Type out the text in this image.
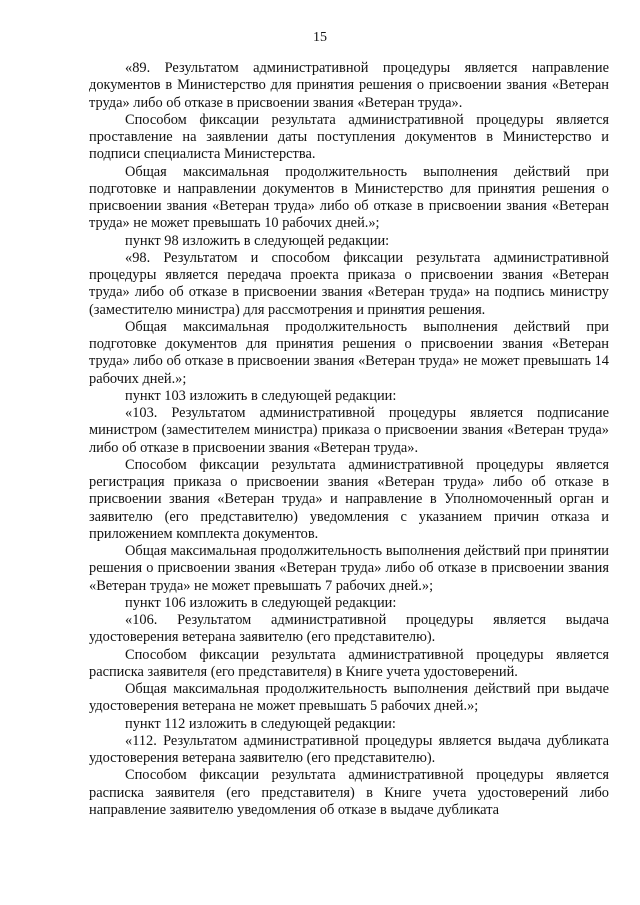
15

«89. Результатом административной процедуры является направление документов в Министерство для принятия решения о присвоении звания «Ветеран труда» либо об отказе в присвоении звания «Ветеран труда».

Способом фиксации результата административной процедуры является проставление на заявлении даты поступления документов в Министерство и подписи специалиста Министерства.

Общая максимальная продолжительность выполнения действий при подготовке и направлении документов в Министерство для принятия решения о присвоении звания «Ветеран труда» либо об отказе в присвоении звания «Ветеран труда» не может превышать 10 рабочих дней.»;

пункт 98 изложить в следующей редакции:

«98. Результатом и способом фиксации результата административной процедуры является передача проекта приказа о присвоении звания «Ветеран труда» либо об отказе в присвоении звания «Ветеран труда» на подпись министру (заместителю министра) для рассмотрения и принятия решения.

Общая максимальная продолжительность выполнения действий при подготовке документов для принятия решения о присвоении звания «Ветеран труда» либо об отказе в присвоении звания «Ветеран труда» не может превышать 14 рабочих дней.»;

пункт 103 изложить в следующей редакции:

«103. Результатом административной процедуры является подписание министром (заместителем министра) приказа о присвоении звания «Ветеран труда» либо об отказе в присвоении звания «Ветеран труда».

Способом фиксации результата административной процедуры является регистрация приказа о присвоении звания «Ветеран труда» либо об отказе в присвоении звания «Ветеран труда» и направление в Уполномоченный орган и заявителю (его представителю) уведомления с указанием причин отказа и приложением комплекта документов.

Общая максимальная продолжительность выполнения действий при принятии решения о присвоении звания «Ветеран труда» либо об отказе в присвоении звания «Ветеран труда» не может превышать 7 рабочих дней.»;

пункт 106 изложить в следующей редакции:

«106. Результатом административной процедуры является выдача удостоверения ветерана заявителю (его представителю).

Способом фиксации результата административной процедуры является расписка заявителя (его представителя) в Книге учета удостоверений.

Общая максимальная продолжительность выполнения действий при выдаче удостоверения ветерана не может превышать 5 рабочих дней.»;

пункт 112 изложить в следующей редакции:

«112. Результатом административной процедуры является выдача дубликата удостоверения ветерана заявителю (его представителю).

Способом фиксации результата административной процедуры является расписка заявителя (его представителя) в Книге учета удостоверений либо направление заявителю уведомления об отказе в выдаче дубликата
